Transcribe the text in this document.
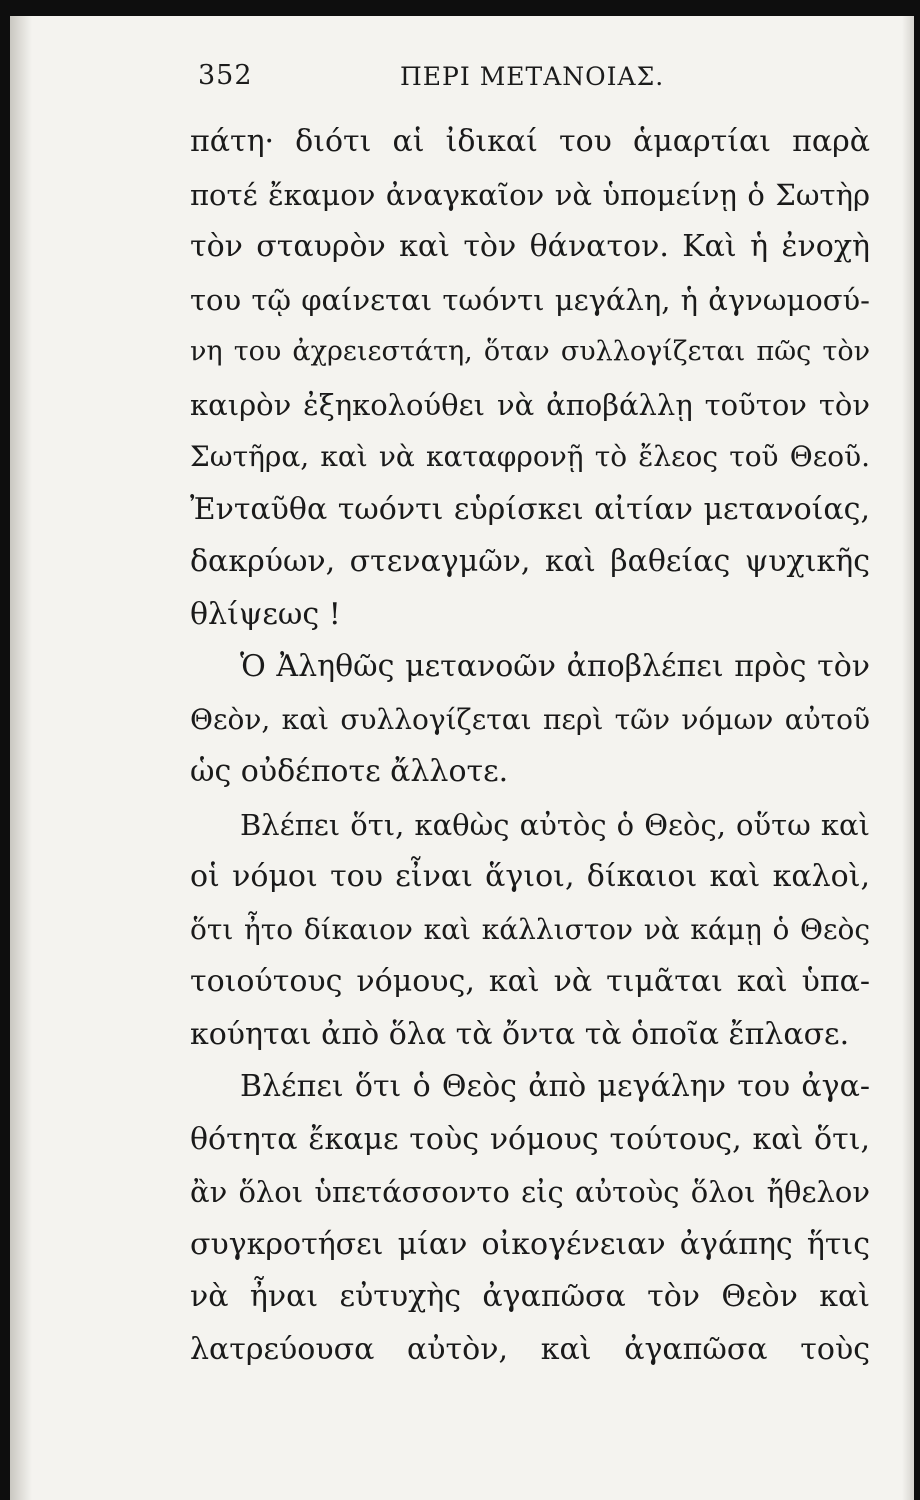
352	ΠΕΡΙ ΜΕΤΑΝΟΙΑΣ.
πάτη· διότι αἱ ἰδικαί του ἁμαρτίαι παρὰ
ποτέ ἔκαμον ἀναγκαῖον νὰ ὑπομείνῃ ὁ Σωτὴρ
τὸν σταυρὸν καὶ τὸν θάνατον. Καὶ ἡ ἐνοχὴ
του τῷ φαίνεται τωόντι μεγάλη, ἡ ἀγνωμοσύ-
νη του ἀχρειεστάτη, ὅταν συλλογίζεται πῶς τὸν
καιρὸν ἐξηκολούθει νὰ ἀποβάλλῃ τοῦτον τὸν
Σωτῆρα, καὶ νὰ καταφρονῇ τὸ ἔλεος τοῦ Θεοῦ.
Ἐνταῦθα τωόντι εὑρίσκει αἰτίαν μετανοίας,
δακρύων, στεναγμῶν, καὶ βαθείας ψυχικῆς
θλίψεως !
Ὁ Ἀληθῶς μετανοῶν ἀποβλέπει πρὸς τὸν
Θεὸν, καὶ συλλογίζεται περὶ τῶν νόμων αὐτοῦ
ὡς οὐδέποτε ἄλλοτε.
Βλέπει ὅτι, καθὼς αὐτὸς ὁ Θεὸς, οὕτω καὶ
οἱ νόμοι του εἶναι ἅγιοι, δίκαιοι καὶ καλοὶ,
ὅτι ἦτο δίκαιον καὶ κάλλιστον νὰ κάμῃ ὁ Θεὸς
τοιούτους νόμους, καὶ νὰ τιμᾶται καὶ ὑπα-
κούηται ἀπὸ ὅλα τὰ ὄντα τὰ ὁποῖα ἔπλασε.
Βλέπει ὅτι ὁ Θεὸς ἀπὸ μεγάλην του ἀγα-
θότητα ἔκαμε τοὺς νόμους τούτους, καὶ ὅτι,
ἂν ὅλοι ὑπετάσσοντο εἰς αὐτοὺς ὅλοι ἤθελον
συγκροτήσει μίαν οἰκογένειαν ἀγάπης ἥτις
νὰ ἦναι εὐτυχὴς ἀγαπῶσα τὸν Θεὸν καὶ
λατρεύουσα αὐτὸν, καὶ ἀγαπῶσα τοὺς
